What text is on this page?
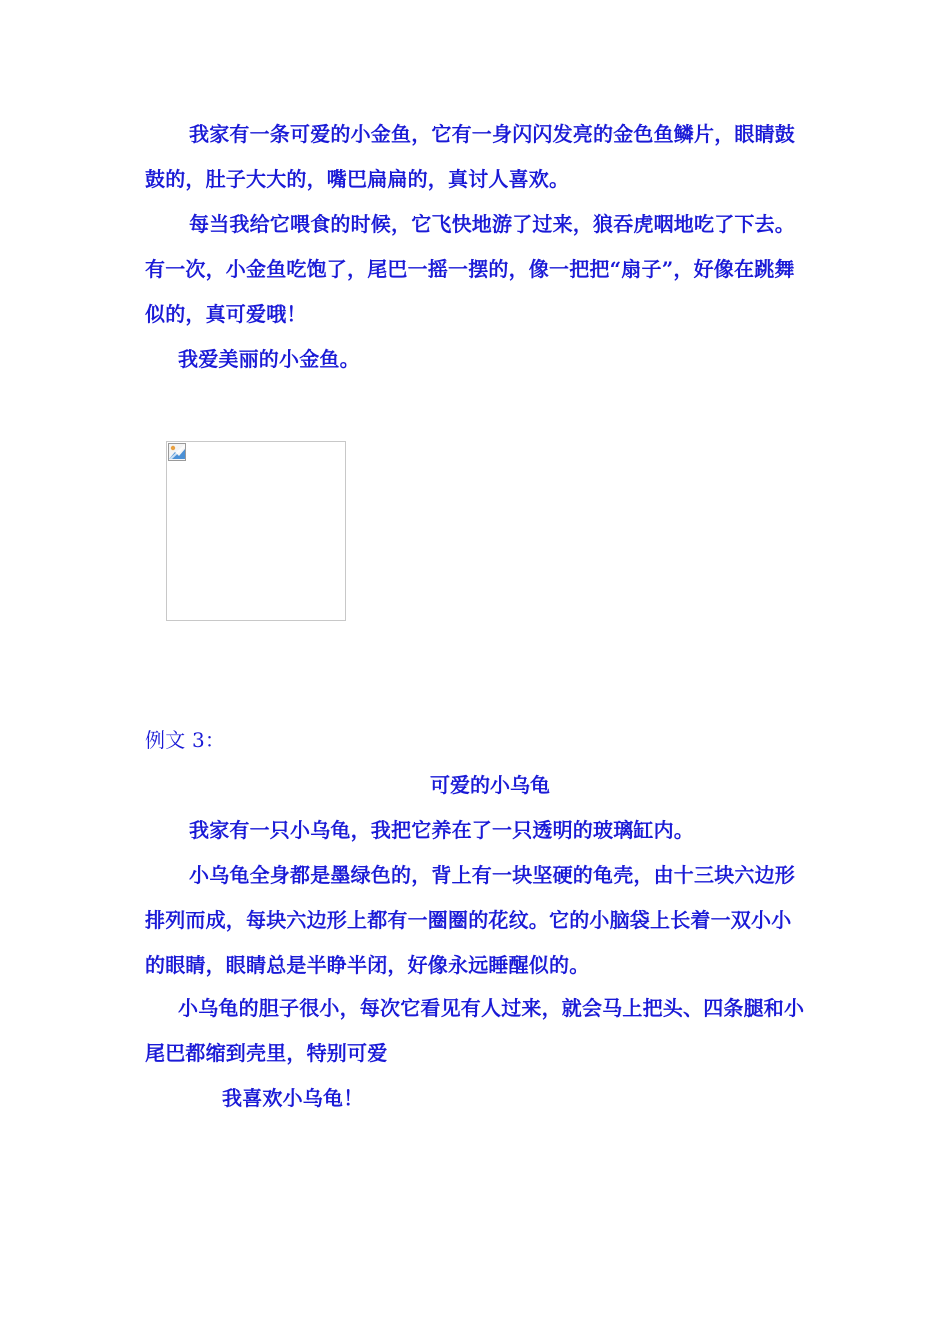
我家有一条可爱的小金鱼，它有一身闪闪发亮的金色鱼鳞片，眼睛鼓鼓的，肚子大大的，嘴巴扁扁的，真讨人喜欢。

每当我给它喂食的时候，它飞快地游了过来，狼吞虎咽地吃了下去。有一次，小金鱼吃饱了，尾巴一摇一摆的，像一把把“扇子”，好像在跳舞似的，真可爱哦！

我爱美丽的小金鱼。

例文 3：

可爱的小乌龟

我家有一只小乌龟，我把它养在了一只透明的玻璃缸内。

小乌龟全身都是墨绿色的，背上有一块坚硬的龟壳，由十三块六边形排列而成，每块六边形上都有一圈圈的花纹。它的小脑袋上长着一双小小的眼睛，眼睛总是半睁半闭，好像永远睡醒似的。

小乌龟的胆子很小，每次它看见有人过来，就会马上把头、四条腿和小尾巴都缩到壳里，特别可爱

我喜欢小乌龟！
